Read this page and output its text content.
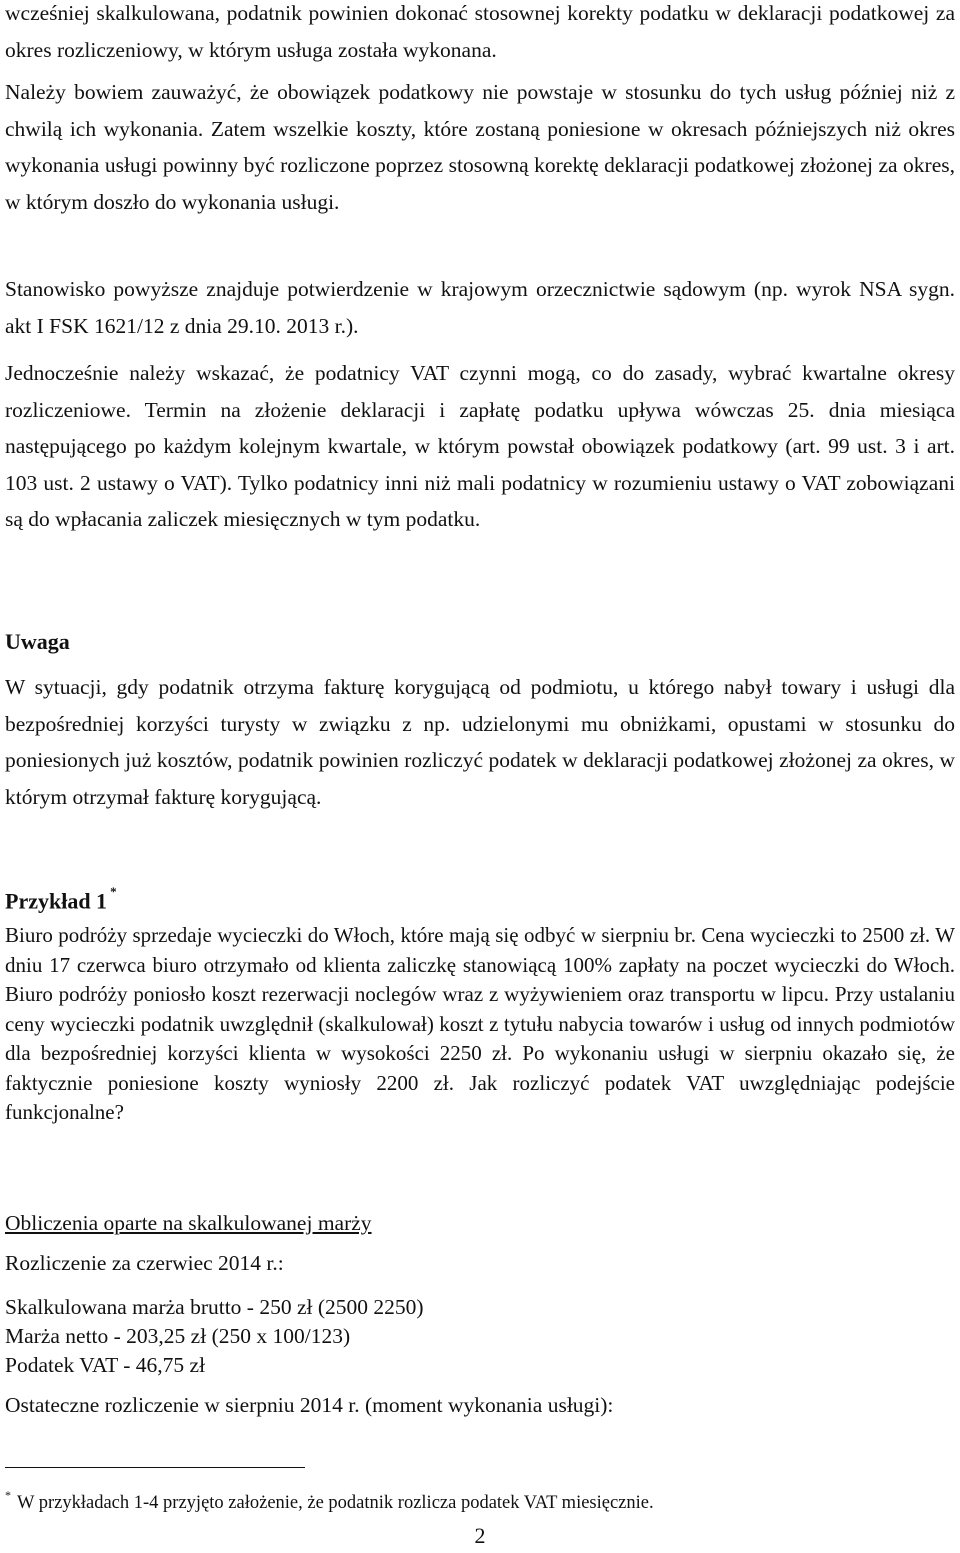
wcześniej skalkulowana, podatnik powinien dokonać stosownej korekty podatku w deklaracji podatkowej za okres rozliczeniowy, w którym usługa została wykonana.

Należy bowiem zauważyć, że obowiązek podatkowy nie powstaje w stosunku do tych usług później niż z chwilą ich wykonania. Zatem wszelkie koszty, które zostaną poniesione w okresach późniejszych niż okres wykonania usługi powinny być rozliczone poprzez stosowną korektę deklaracji podatkowej złożonej za okres, w którym doszło do wykonania usługi.

Stanowisko powyższe znajduje potwierdzenie w krajowym orzecznictwie sądowym (np. wyrok NSA sygn. akt I FSK 1621/12 z dnia 29.10. 2013 r.).

Jednocześnie należy wskazać, że podatnicy VAT czynni mogą, co do zasady, wybrać kwartalne okresy rozliczeniowe. Termin na złożenie deklaracji i zapłatę podatku upływa wówczas 25. dnia miesiąca następującego po każdym kolejnym kwartale, w którym powstał obowiązek podatkowy (art. 99 ust. 3 i art. 103 ust. 2 ustawy o VAT). Tylko podatnicy inni niż mali podatnicy w rozumieniu ustawy o VAT zobowiązani są do wpłacania zaliczek miesięcznych w tym podatku.

Uwaga

W sytuacji, gdy podatnik otrzyma fakturę korygującą od podmiotu, u którego nabył towary i usługi dla bezpośredniej korzyści turysty w związku z np. udzielonymi mu obniżkami, opustami w stosunku do poniesionych już kosztów, podatnik powinien rozliczyć podatek w deklaracji podatkowej złożonej za okres, w którym otrzymał fakturę korygującą.

Przykład 1 *

Biuro podróży sprzedaje wycieczki do Włoch, które mają się odbyć w sierpniu br. Cena wycieczki to 2500 zł. W dniu 17 czerwca biuro otrzymało od klienta zaliczkę stanowiącą 100% zapłaty na poczet wycieczki do Włoch. Biuro podróży poniosło koszt rezerwacji noclegów wraz z wyżywieniem oraz transportu w lipcu. Przy ustalaniu ceny wycieczki podatnik uwzględnił (skalkulował) koszt z tytułu nabycia towarów i usług od innych podmiotów dla bezpośredniej korzyści klienta w wysokości 2250 zł. Po wykonaniu usługi w sierpniu okazało się, że faktycznie poniesione koszty wyniosły 2200 zł. Jak rozliczyć podatek VAT uwzględniając podejście funkcjonalne?

Obliczenia oparte na skalkulowanej marży
Rozliczenie za czerwiec 2014 r.:
Skalkulowana marża brutto - 250 zł (2500 2250)
Marża netto - 203,25 zł (250 x 100/123)
Podatek VAT - 46,75 zł
Ostateczne rozliczenie w sierpniu 2014 r. (moment wykonania usługi):
* W przykładach 1-4 przyjęto założenie, że podatnik rozlicza podatek VAT miesięcznie.
2
